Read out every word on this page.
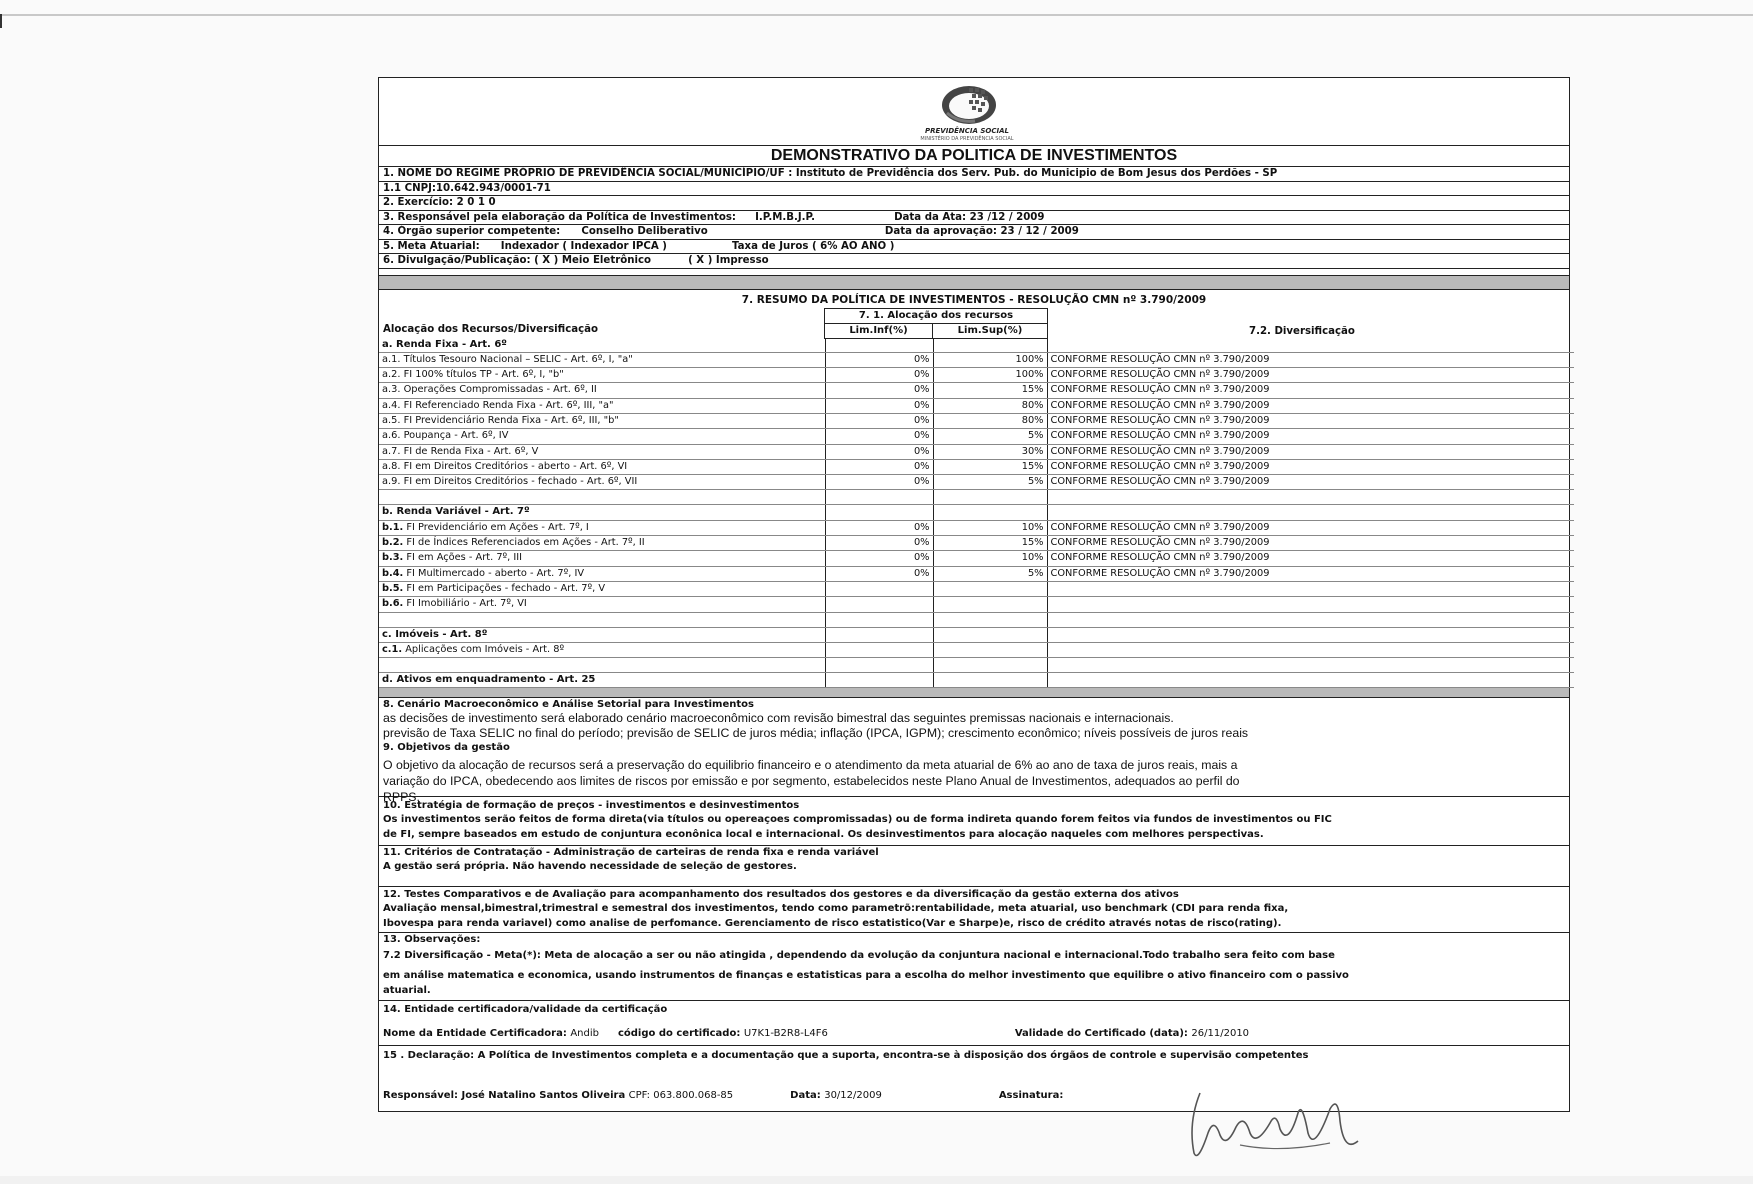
PREVIDÊNCIA SOCIAL
MINISTÉRIO DA PREVIDÊNCIA SOCIAL
DEMONSTRATIVO DA POLITICA DE INVESTIMENTOS
1. NOME DO REGIME PRÓPRIO DE PREVIDÊNCIA SOCIAL/MUNICÍPIO/UF : Instituto de Previdência dos Serv. Pub. do Municipio de Bom Jesus dos Perdões - SP
1.1 CNPJ:10.642.943/0001-71
2. Exercício: 2 0 1 0
3. Responsável pela elaboração da Política de Investimentos: I.P.M.B.J.P.	Data da Ata: 23 /12 / 2009
4. Órgão superior competente: Conselho Deliberativo	Data da aprovação: 23 / 12 / 2009
5. Meta Atuarial: Indexador ( Indexador IPCA )	Taxa de Juros ( 6% AO ANO )
6. Divulgação/Publicação: ( X ) Meio Eletrônico	( X ) Impresso
7. RESUMO DA POLÍTICA DE INVESTIMENTOS - RESOLUÇÃO CMN nº 3.790/2009
7. 1. Alocação dos recursos
Lim.Inf(%)	Lim.Sup(%)
Alocação dos Recursos/Diversificação	7.2. Diversificação
a. Renda Fixa - Art. 6º			
a.1. Títulos Tesouro Nacional – SELIC - Art. 6º, I, "a"	0%	100%	CONFORME RESOLUÇÃO CMN nº 3.790/2009
a.2. FI 100% títulos TP - Art. 6º, I, "b"	0%	100%	CONFORME RESOLUÇÃO CMN nº 3.790/2009
a.3. Operações Compromissadas - Art. 6º, II	0%	15%	CONFORME RESOLUÇÃO CMN nº 3.790/2009
a.4. FI Referenciado Renda Fixa - Art. 6º, III, "a"	0%	80%	CONFORME RESOLUÇÃO CMN nº 3.790/2009
a.5. FI Previdenciário Renda Fixa - Art. 6º, III, "b"	0%	80%	CONFORME RESOLUÇÃO CMN nº 3.790/2009
a.6. Poupança - Art. 6º, IV	0%	5%	CONFORME RESOLUÇÃO CMN nº 3.790/2009
a.7. FI de Renda Fixa - Art. 6º, V	0%	30%	CONFORME RESOLUÇÃO CMN nº 3.790/2009
a.8. FI em Direitos Creditórios - aberto - Art. 6º, VI	0%	15%	CONFORME RESOLUÇÃO CMN nº 3.790/2009
a.9. FI em Direitos Creditórios - fechado - Art. 6º, VII	0%	5%	CONFORME RESOLUÇÃO CMN nº 3.790/2009

b. Renda Variável - Art. 7º			
b.1. FI Previdenciário em Ações - Art. 7º, I	0%	10%	CONFORME RESOLUÇÃO CMN nº 3.790/2009
b.2. FI de Índices Referenciados em Ações - Art. 7º, II	0%	15%	CONFORME RESOLUÇÃO CMN nº 3.790/2009
b.3. FI em Ações - Art. 7º, III	0%	10%	CONFORME RESOLUÇÃO CMN nº 3.790/2009
b.4. FI Multimercado - aberto - Art. 7º, IV	0%	5%	CONFORME RESOLUÇÃO CMN nº 3.790/2009
b.5. FI em Participações - fechado - Art. 7º, V			
b.6. FI Imobiliário - Art. 7º, VI			

c. Imóveis - Art. 8º			
c.1. Aplicações com Imóveis - Art. 8º			

d. Ativos em enquadramento - Art. 25			
8. Cenário Macroeconômico e Análise Setorial para Investimentos
as decisões de investimento será elaborado cenário macroeconômico com revisão bimestral das seguintes premissas nacionais e internacionais.
previsão de Taxa SELIC no final do período; previsão de SELIC de juros média; inflação (IPCA, IGPM); crescimento econômico; níveis possíveis de juros reais
9. Objetivos da gestão
O objetivo da alocação de recursos será a preservação do equilibrio financeiro e o atendimento da meta atuarial de 6% ao ano de taxa de juros reais, mais a
variação do IPCA, obedecendo aos limites de riscos por emissão e por segmento, estabelecidos neste Plano Anual de Investimentos, adequados ao perfil do
RPPS.
10. Estratégia de formação de preços - investimentos e desinvestimentos
Os investimentos serão feitos de forma direta(via títulos ou opereaçoes compromissadas) ou de forma indireta quando forem feitos via fundos de investimentos ou FIC
de FI, sempre baseados em estudo de conjuntura econônica local e internacional. Os desinvestimentos para alocação naqueles com melhores perspectivas.
11. Critérios de Contratação - Administração de carteiras de renda fixa e renda variável
A gestão será própria. Não havendo necessidade de seleção de gestores.
12. Testes Comparativos e de Avaliação para acompanhamento dos resultados dos gestores e da diversificação da gestão externa dos ativos
Avaliação mensal,bimestral,trimestral e semestral dos investimentos, tendo como parametrõ:rentabilidade, meta atuarial, uso benchmark (CDI para renda fixa,
Ibovespa para renda variavel) como analise de perfomance. Gerenciamento de risco estatistico(Var e Sharpe)e, risco de crédito através notas de risco(rating).
13. Observações:
7.2 Diversificação - Meta(*): Meta de alocação a ser ou não atingida , dependendo da evolução da conjuntura nacional e internacional.Todo trabalho sera feito com base
em análise matematica e economica, usando instrumentos de finanças e estatisticas para a escolha do melhor investimento que equilibre o ativo financeiro com o passivo
atuarial.
14. Entidade certificadora/validade da certificação
Nome da Entidade Certificadora: Andib código do certificado: U7K1-B2R8-L4F6	Validade do Certificado (data): 26/11/2010
15 . Declaração: A Política de Investimentos completa e a documentação que a suporta, encontra-se à disposição dos órgãos de controle e supervisão competentes
Responsável: José Natalino Santos Oliveira CPF: 063.800.068-85	Data: 30/12/2009	Assinatura:
